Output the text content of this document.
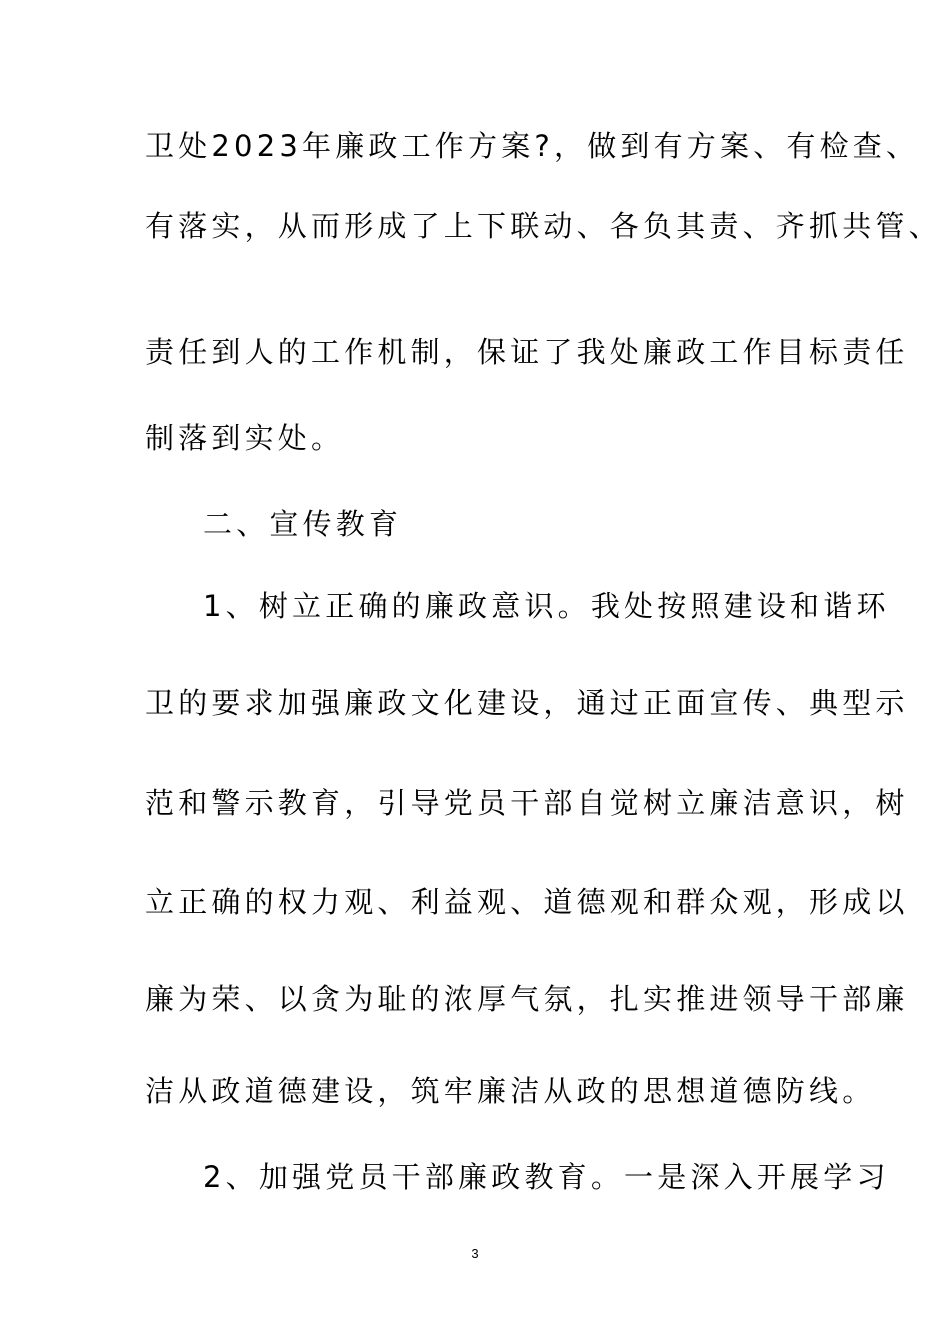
卫处2023年廉政工作方案?，做到有方案、有检查、
有落实，从而形成了上下联动、各负其责、齐抓共管、
责任到人的工作机制，保证了我处廉政工作目标责任
制落到实处。
二、宣传教育
1、树立正确的廉政意识。我处按照建设和谐环
卫的要求加强廉政文化建设，通过正面宣传、典型示
范和警示教育，引导党员干部自觉树立廉洁意识，树
立正确的权力观、利益观、道德观和群众观，形成以
廉为荣、以贪为耻的浓厚气氛，扎实推进领导干部廉
洁从政道德建设，筑牢廉洁从政的思想道德防线。
2、加强党员干部廉政教育。一是深入开展学习
3
